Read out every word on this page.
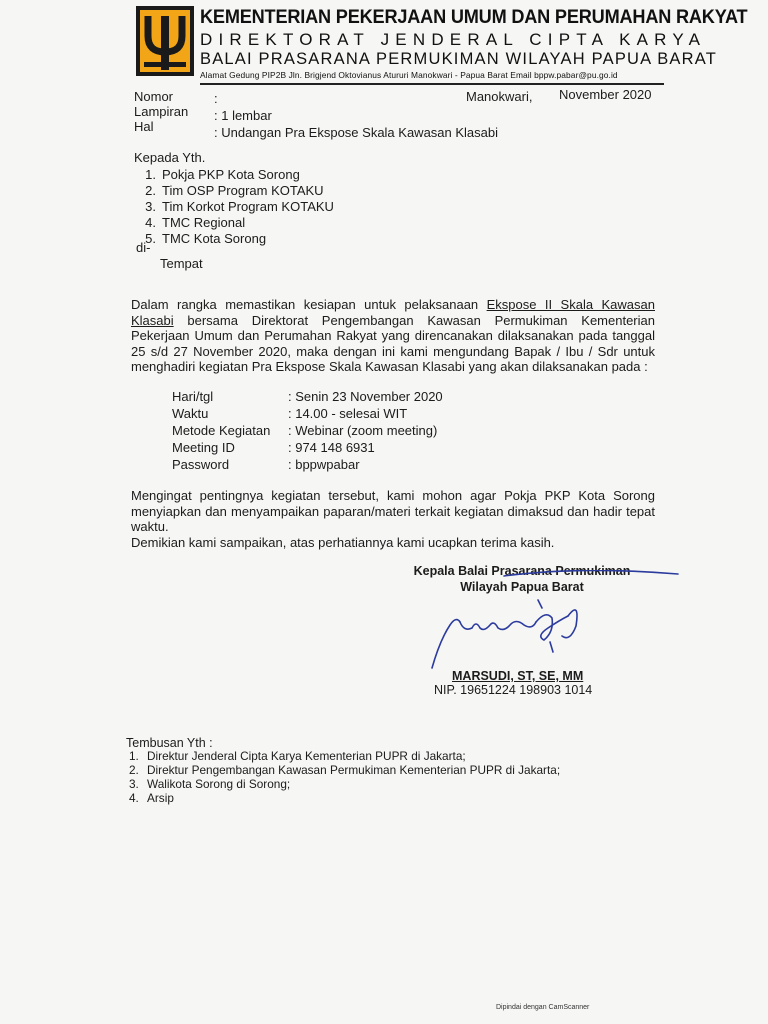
KEMENTERIAN PEKERJAAN UMUM DAN PERUMAHAN RAKYAT
DIREKTORAT JENDERAL CIPTA KARYA
BALAI PRASARANA PERMUKIMAN WILAYAH PAPUA BARAT
Alamat Gedung PIP2B Jln. Brigjend Oktovianus Atururi Manokwari - Papua Barat Email bppw.pabar@pu.go.id
Nomor	:	Manokwari, November 2020
Lampiran : 1 lembar
Hal	: Undangan Pra Ekspose Skala Kawasan Klasabi
Kepada Yth.
1. Pokja PKP Kota Sorong
2. Tim OSP Program KOTAKU
3. Tim Korkot Program KOTAKU
4. TMC Regional
5. TMC Kota Sorong
di-
Tempat
Dalam rangka memastikan kesiapan untuk pelaksanaan Ekspose II Skala Kawasan Klasabi bersama Direktorat Pengembangan Kawasan Permukiman Kementerian Pekerjaan Umum dan Perumahan Rakyat yang direncanakan dilaksanakan pada tanggal 25 s/d 27 November 2020, maka dengan ini kami mengundang Bapak / Ibu / Sdr untuk menghadiri kegiatan Pra Ekspose Skala Kawasan Klasabi yang akan dilaksanakan pada :
Hari/tgl	: Senin 23 November 2020
Waktu	: 14.00 - selesai WIT
Metode Kegiatan : Webinar (zoom meeting)
Meeting ID	: 974 148 6931
Password	: bppwpabar
Mengingat pentingnya kegiatan tersebut, kami mohon agar Pokja PKP Kota Sorong menyiapkan dan menyampaikan paparan/materi terkait kegiatan dimaksud dan hadir tepat waktu.
Demikian kami sampaikan, atas perhatiannya kami ucapkan terima kasih.
Kepala Balai Prasarana Permukiman
Wilayah Papua Barat
MARSUDI, ST, SE, MM
NIP. 19651224 198903 1014
Tembusan Yth :
1. Direktur Jenderal Cipta Karya Kementerian PUPR di Jakarta;
2. Direktur Pengembangan Kawasan Permukiman Kementerian PUPR di Jakarta;
3. Walikota Sorong di Sorong;
4. Arsip
Dipindai dengan CamScanner
